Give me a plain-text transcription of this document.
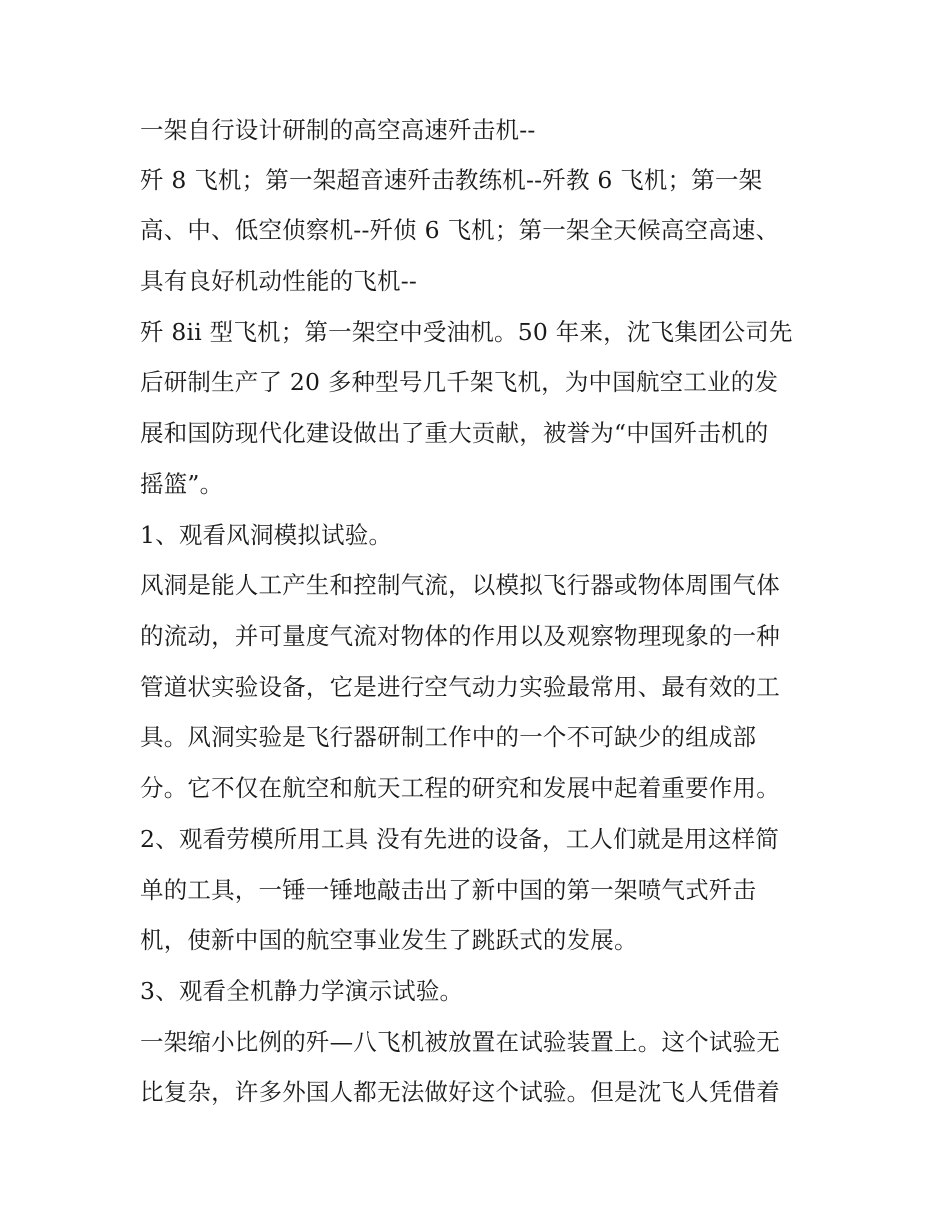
一架自行设计研制的高空高速歼击机--
歼 8 飞机；第一架超音速歼击教练机--歼教 6 飞机；第一架
高、中、低空侦察机--歼侦 6 飞机；第一架全天候高空高速、
具有良好机动性能的飞机--
歼 8ii 型飞机；第一架空中受油机。50 年来，沈飞集团公司先
后研制生产了 20 多种型号几千架飞机，为中国航空工业的发
展和国防现代化建设做出了重大贡献，被誉为“中国歼击机的
摇篮”。
1、观看风洞模拟试验。
风洞是能人工产生和控制气流，以模拟飞行器或物体周围气体
的流动，并可量度气流对物体的作用以及观察物理现象的一种
管道状实验设备，它是进行空气动力实验最常用、最有效的工
具。风洞实验是飞行器研制工作中的一个不可缺少的组成部
分。它不仅在航空和航天工程的研究和发展中起着重要作用。
2、观看劳模所用工具 没有先进的设备，工人们就是用这样简
单的工具，一锤一锤地敲击出了新中国的第一架喷气式歼击
机，使新中国的航空事业发生了跳跃式的发展。
3、观看全机静力学演示试验。
一架缩小比例的歼—八飞机被放置在试验装置上。这个试验无
比复杂，许多外国人都无法做好这个试验。但是沈飞人凭借着
